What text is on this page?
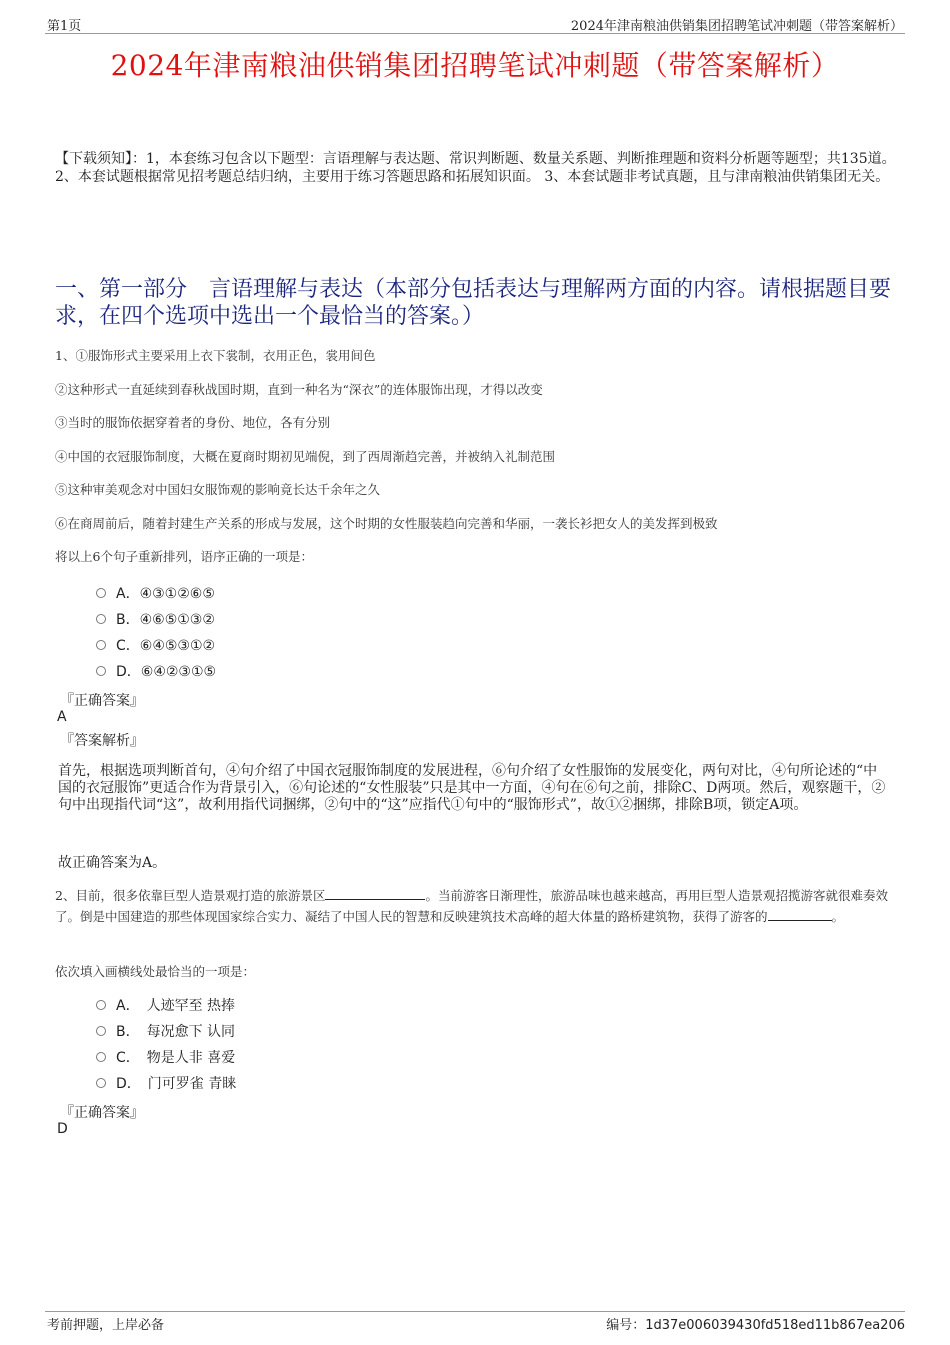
第1页	2024年津南粮油供销集团招聘笔试冲刺题（带答案解析）
2024年津南粮油供销集团招聘笔试冲刺题（带答案解析）
【下载须知】：1，本套练习包含以下题型：言语理解与表达题、常识判断题、数量关系题、判断推理题和资料分析题等题型；共135道。 2、本套试题根据常见招考题总结归纳，主要用于练习答题思路和拓展知识面。 3、本套试题非考试真题，且与津南粮油供销集团无关。
一、第一部分　言语理解与表达（本部分包括表达与理解两方面的内容。请根据题目要求，在四个选项中选出一个最恰当的答案。）
1、①服饰形式主要采用上衣下裳制，衣用正色，裳用间色
②这种形式一直延续到春秋战国时期，直到一种名为“深衣”的连体服饰出现，才得以改变
③当时的服饰依据穿着者的身份、地位，各有分别
④中国的衣冠服饰制度，大概在夏商时期初见端倪，到了西周渐趋完善，并被纳入礼制范围
⑤这种审美观念对中国妇女服饰观的影响竟长达千余年之久
⑥在商周前后，随着封建生产关系的形成与发展，这个时期的女性服装趋向完善和华丽，一袭长衫把女人的美发挥到极致
将以上6个句子重新排列，语序正确的一项是：
A．④③①②⑥⑤
B．④⑥⑤①③②
C．⑥④⑤③①②
D．⑥④②③①⑤
『正确答案』
A
『答案解析』
首先，根据选项判断首句，④句介绍了中国衣冠服饰制度的发展进程，⑥句介绍了女性服饰的发展变化，两句对比，④句所论述的“中国的衣冠服饰”更适合作为背景引入，⑥句论述的“女性服装”只是其中一方面，④句在⑥句之前，排除C、D两项。然后，观察题干，②句中出现指代词“这”，故利用指代词捆绑，②句中的“这”应指代①句中的“服饰形式”，故①②捆绑，排除B项，锁定A项。
故正确答案为A。
2、目前，很多依靠巨型人造景观打造的旅游景区	。当前游客日渐理性，旅游品味也越来越高，再用巨型人造景观招揽游客就很难奏效了。倒是中国建造的那些体现国家综合实力、凝结了中国人民的智慧和反映建筑技术高峰的超大体量的路桥建筑物，获得了游客的	。
依次填入画横线处最恰当的一项是：
A．　人迹罕至 热捧
B．　每况愈下 认同
C．　物是人非 喜爱
D．　门可罗雀 青睐
『正确答案』
D
考前押题，上岸必备	编号：1d37e006039430fd518ed11b867ea206
